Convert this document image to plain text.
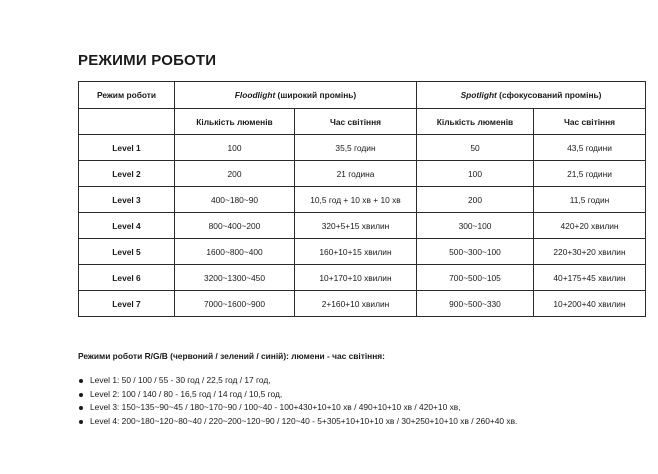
РЕЖИМИ РОБОТИ
Режим роботи	Floodlight (широкий промінь)		Spotlight (сфокусований промінь)	
	Кількість люменів	Час світіння	Кількість люменів	Час світіння
Level 1	100	35,5 годин	50	43,5 години
Level 2	200	21 година	100	21,5 години
Level 3	400~180~90	10,5 год + 10 хв + 10 хв	200	11,5 годин
Level 4	800~400~200	320+5+15 хвилин	300~100	420+20 хвилин
Level 5	1600~800~400	160+10+15 хвилин	500~300~100	220+30+20 хвилин
Level 6	3200~1300~450	10+170+10 хвилин	700~500~105	40+175+45 хвилин
Level 7	7000~1600~900	2+160+10 хвилин	900~500~330	10+200+40 хвилин

Режими роботи R/G/B (червоний / зелений / синій): люмени - час світіння:

Level 1: 50 / 100 / 55 - 30 год / 22,5 год / 17 год,
Level 2: 100 / 140 / 80 - 16,5 год / 14 год / 10,5 год,
Level 3: 150~135~90~45 / 180~170~90 / 100~40 - 100+430+10+10 хв / 490+10+10 хв / 420+10 хв,
Level 4: 200~180~120~80~40 / 220~200~120~90 / 120~40 - 5+305+10+10+10 хв / 30+250+10+10 хв / 260+40 хв.
